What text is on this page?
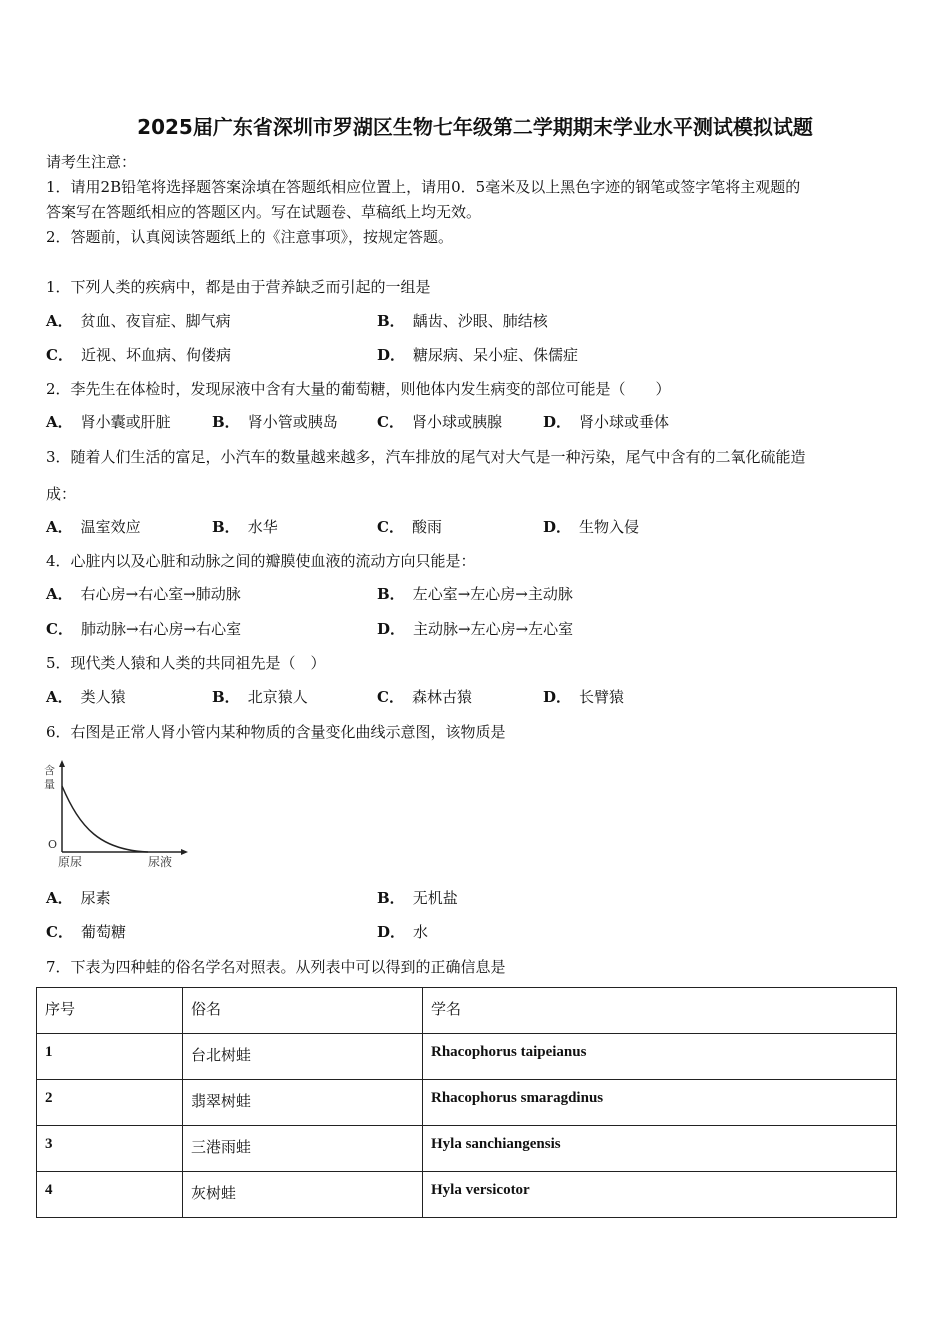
2025届广东省深圳市罗湖区生物七年级第二学期期末学业水平测试模拟试题
请考生注意：
1．请用2B铅笔将选择题答案涂填在答题纸相应位置上，请用0．5毫米及以上黑色字迹的钢笔或签字笔将主观题的
答案写在答题纸相应的答题区内。写在试题卷、草稿纸上均无效。
2．答题前，认真阅读答题纸上的《注意事项》，按规定答题。
1．下列人类的疾病中，都是由于营养缺乏而引起的一组是
A． 贫血、夜盲症、脚气病	B． 龋齿、沙眼、肺结核
C． 近视、坏血病、佝偻病	D． 糖尿病、呆小症、侏儒症
2．李先生在体检时，发现尿液中含有大量的葡萄糖，则他体内发生病变的部位可能是（　　）
A． 肾小囊或肝脏	B． 肾小管或胰岛	C． 肾小球或胰腺	D． 肾小球或垂体
3．随着人们生活的富足，小汽车的数量越来越多，汽车排放的尾气对大气是一种污染，尾气中含有的二氧化硫能造
成：
A． 温室效应	B． 水华	C． 酸雨	D． 生物入侵
4．心脏内以及心脏和动脉之间的瓣膜使血液的流动方向只能是：
A． 右心房→右心室→肺动脉	B． 左心室→左心房→主动脉
C． 肺动脉→右心房→右心室	D． 主动脉→左心房→左心室
5．现代类人猿和人类的共同祖先是（　）
A． 类人猿	B． 北京猿人	C． 森林古猿	D． 长臂猿
6．右图是正常人肾小管内某种物质的含量变化曲线示意图，该物质是
含
量
O
原尿	尿液
A． 尿素	B． 无机盐
C． 葡萄糖	D． 水
7．下表为四种蛙的俗名学名对照表。从列表中可以得到的正确信息是
序号	俗名	学名
1	台北树蛙	Rhacophorus taipeianus
2	翡翠树蛙	Rhacophorus smaragdinus
3	三港雨蛙	Hyla sanchiangensis
4	灰树蛙	Hyla versicotor
